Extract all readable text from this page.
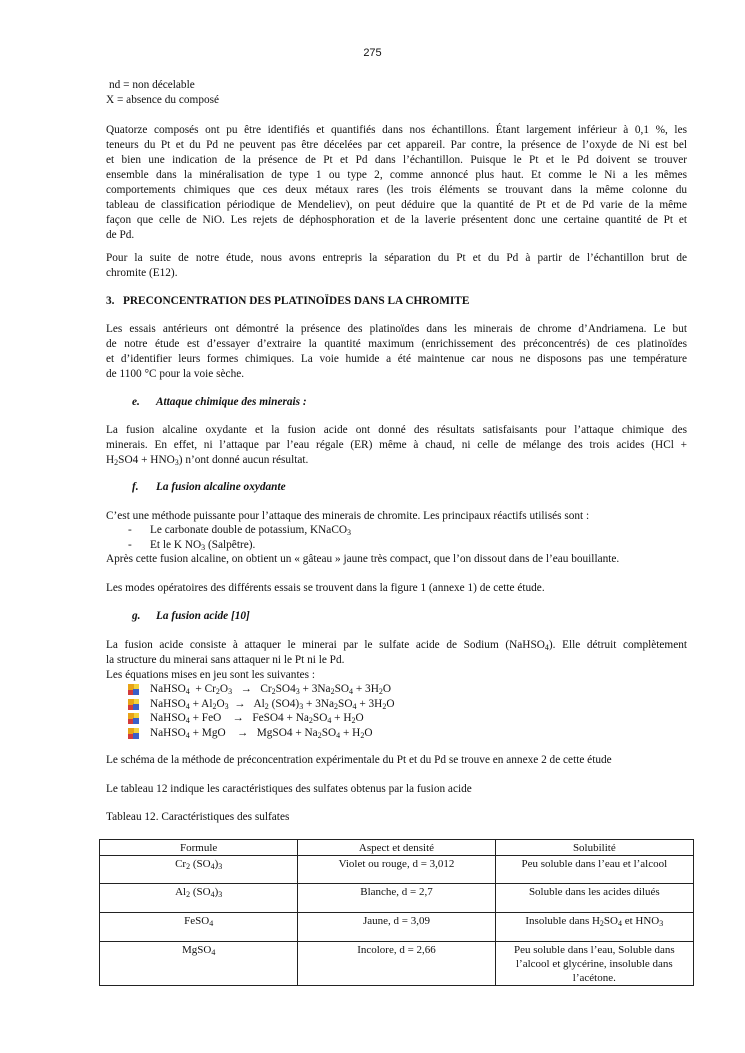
275
nd = non décelable
X = absence du composé
Quatorze composés ont pu être identifiés et quantifiés dans nos échantillons. Étant largement inférieur à 0,1 %, les
teneurs du Pt et du Pd ne peuvent pas être décelées par cet appareil. Par contre, la présence de l’oxyde de Ni est bel
et bien une indication de la présence de Pt et Pd dans l’échantillon. Puisque le Pt et le Pd doivent se trouver
ensemble dans la minéralisation de type 1 ou type 2, comme annoncé plus haut. Et comme le Ni a les mêmes
comportements chimiques que ces deux métaux rares (les trois éléments se trouvant dans la même colonne du
tableau de classification périodique de Mendeliev), on peut déduire que la quantité de Pt et de Pd varie de la même
façon que celle de NiO. Les rejets de déphosphoration et de la laverie présentent donc une certaine quantité de Pt et
de Pd.
Pour la suite de notre étude, nous avons entrepris la séparation du Pt et du Pd à partir de l’échantillon brut de
chromite (E12).
3. PRECONCENTRATION DES PLATINOÏDES DANS LA CHROMITE
Les essais antérieurs ont démontré la présence des platinoïdes dans les minerais de chrome d’Andriamena. Le but
de notre étude est d’essayer d’extraire la quantité maximum (enrichissement des préconcentrés) de ces platinoïdes
et d’identifier leurs formes chimiques. La voie humide a été maintenue car nous ne disposons pas une température
de 1100 °C pour la voie sèche.
e. Attaque chimique des minerais :
La fusion alcaline oxydante et la fusion acide ont donné des résultats satisfaisants pour l’attaque chimique des
minerais. En effet, ni l’attaque par l’eau régale (ER) même à chaud, ni celle de mélange des trois acides (HCl +
$H_2SO4 + HNO_3$) n’ont donné aucun résultat.
f. La fusion alcaline oxydante
C’est une méthode puissante pour l’attaque des minerais de chromite. Les principaux réactifs utilisés sont :
- Le carbonate double de potassium, KNaCO$_3$
- Et le K $NO_3$ (Salpêtre).
Après cette fusion alcaline, on obtient un « gâteau » jaune très compact, que l’on dissout dans de l’eau bouillante.
Les modes opératoires des différents essais se trouvent dans la figure 1 (annexe 1) de cette étude.
g. La fusion acide [10]
La fusion acide consiste à attaquer le minerai par le sulfate acide de Sodium (NaHSO$_4$). Elle détruit complètement
la structure du minerai sans attaquer ni le Pt ni le Pd.
Les équations mises en jeu sont les suivantes :
NaHSO$_4$  + $Cr_2O_3 \to Cr_2SO4_3 + 3Na_2SO_4 + 3H_2O$
NaHSO$_4$ + $Al_2O_3 \to Al_2$ $(SO4)_3 + 3Na_2SO_4 + 3H_2O$
NaHSO$_4$ + FeO    →   FeSO4 + $Na_2SO_4 + H_2O$
NaHSO$_4$ + MgO    →   MgSO4 + $Na_2SO_4 + H_2O$
Le schéma de la méthode de préconcentration expérimentale du Pt et du Pd se trouve en annexe 2 de cette étude
Le tableau 12 indique les caractéristiques des sulfates obtenus par la fusion acide
Tableau 12. Caractéristiques des sulfates
Formule	Aspect et densité	Solubilité
$Cr_2$ $(SO_4)_3$	Violet ou rouge, d = 3,012	Peu soluble dans l’eau et l’alcool
$Al_2$ $(SO_4)_3$	Blanche, d = 2,7	Soluble dans les acides dilués
FeSO$_4$	Jaune, d = 3,09	Insoluble dans $H_2SO_4$ et $HNO_3$
MgSO$_4$	Incolore, d = 2,66	Peu soluble dans l’eau, Soluble dans
l’alcool et glycérine, insoluble dans
l’acétone.
